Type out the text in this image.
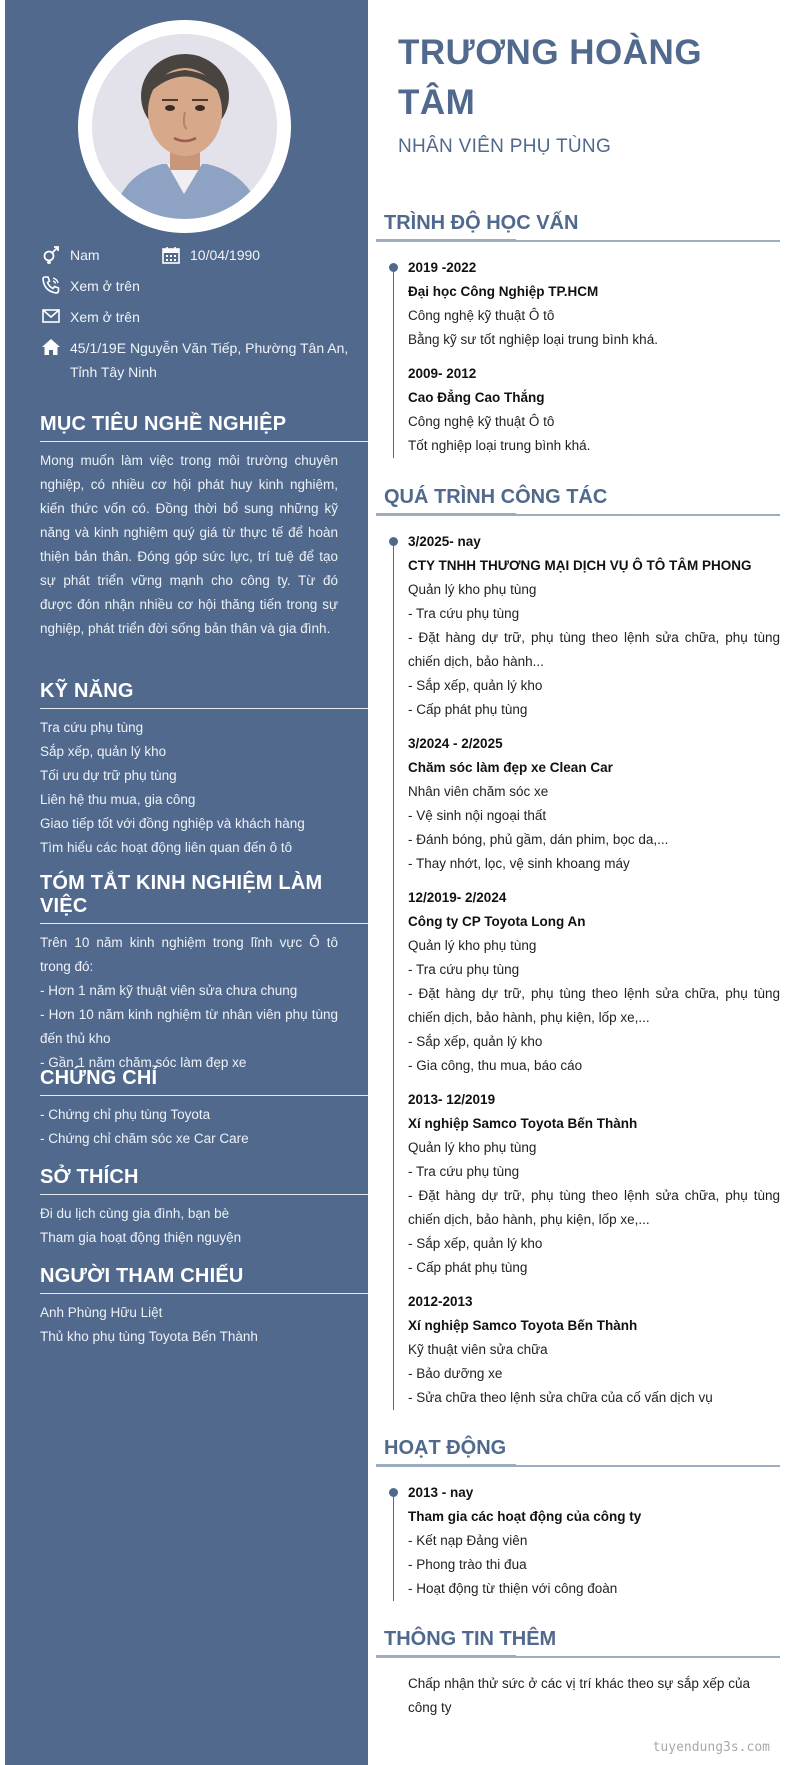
Nam	10/04/1990
Xem ở trên
Xem ở trên
45/1/19E Nguyễn Văn Tiếp, Phường Tân An, Tỉnh Tây Ninh
MỤC TIÊU NGHỀ NGHIỆP
Mong muốn làm việc trong môi trường chuyên nghiệp, có nhiều cơ hội phát huy kinh nghiệm, kiến thức vốn có. Đồng thời bổ sung những kỹ năng và kinh nghiệm quý giá từ thực tế để hoàn thiện bản thân. Đóng góp sức lực, trí tuệ để tạo sự phát triển vững mạnh cho công ty. Từ đó được đón nhận nhiều cơ hội thăng tiến trong sự nghiệp, phát triển đời sống bản thân và gia đình.
KỸ NĂNG

Tra cứu phụ tùng

Sắp xếp, quản lý kho

Tối ưu dự trữ phụ tùng

Liên hệ thu mua, gia công

Giao tiếp tốt với đồng nghiệp và khách hàng

Tìm hiểu các hoạt động liên quan đến ô tô

TÓM TẮT KINH NGHIỆM LÀM VIỆC

Trên 10 năm kinh nghiệm trong lĩnh vực Ô tô trong đó:

- Hơn 1 năm kỹ thuật viên sửa chưa chung

- Hơn 10 năm kinh nghiệm từ nhân viên phụ tùng đến thủ kho

- Gần 1 năm chăm sóc làm đẹp xe

CHỨNG CHỈ

- Chứng chỉ phụ tùng Toyota

- Chứng chỉ chăm sóc xe Car Care

SỞ THÍCH

Đi du lịch cùng gia đình, bạn bè

Tham gia hoạt động thiện nguyện

NGƯỜI THAM CHIẾU

Anh Phùng Hữu Liệt

Thủ kho phụ tùng Toyota Bến Thành

TRƯƠNG HOÀNG TÂM
NHÂN VIÊN PHỤ TÙNG
TRÌNH ĐỘ HỌC VẤN
2019 -2022
Đại học Công Nghiệp TP.HCM
Công nghệ kỹ thuật Ô tô
Bằng kỹ sư tốt nghiệp loại trung bình khá.
2009- 2012
Cao Đẳng Cao Thắng
Công nghệ kỹ thuật Ô tô
Tốt nghiệp loại trung bình khá.
QUÁ TRÌNH CÔNG TÁC
3/2025- nay
CTY TNHH THƯƠNG MẠI DỊCH VỤ Ô TÔ TÂM PHONG
Quản lý kho phụ tùng
- Tra cứu phụ tùng
- Đặt hàng dự trữ, phụ tùng theo lệnh sửa chữa, phụ tùng chiến dịch, bảo hành...
- Sắp xếp, quản lý kho
- Cấp phát phụ tùng
3/2024 - 2/2025
Chăm sóc làm đẹp xe Clean Car
Nhân viên chăm sóc xe
- Vệ sinh nội ngoại thất
- Đánh bóng, phủ gầm, dán phim, bọc da,...
- Thay nhớt, lọc, vệ sinh khoang máy
12/2019- 2/2024
Công ty CP Toyota Long An
Quản lý kho phụ tùng
- Tra cứu phụ tùng
- Đặt hàng dự trữ, phụ tùng theo lệnh sửa chữa, phụ tùng chiến dịch, bảo hành, phụ kiện, lốp xe,...
- Sắp xếp, quản lý kho
- Gia công, thu mua, báo cáo
2013- 12/2019
Xí nghiệp Samco Toyota Bến Thành
Quản lý kho phụ tùng
- Tra cứu phụ tùng
- Đặt hàng dự trữ, phụ tùng theo lệnh sửa chữa, phụ tùng chiến dịch, bảo hành, phụ kiện, lốp xe,...
- Sắp xếp, quản lý kho
- Cấp phát phụ tùng
2012-2013
Xí nghiệp Samco Toyota Bến Thành
Kỹ thuật viên sửa chữa
- Bảo dưỡng xe
- Sửa chữa theo lệnh sửa chữa của cố vấn dịch vụ
HOẠT ĐỘNG
2013 - nay
Tham gia các hoạt động của công ty
- Kết nạp Đảng viên
- Phong trào thi đua
- Hoạt động từ thiện với công đoàn
THÔNG TIN THÊM
Chấp nhận thử sức ở các vị trí khác theo sự sắp xếp của công ty
tuyendung3s.com
